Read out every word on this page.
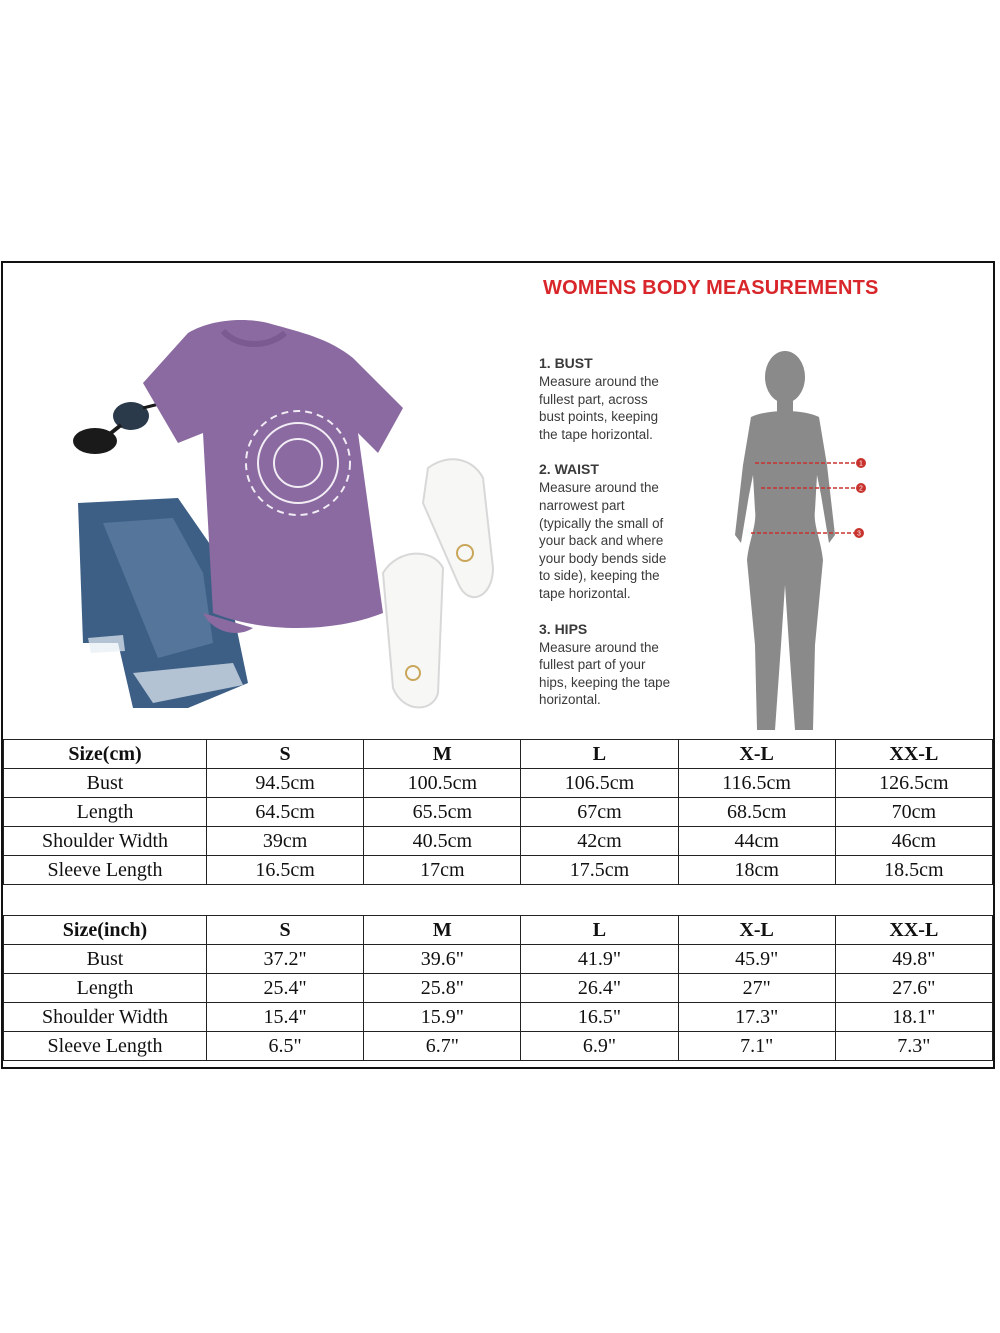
WOMENS BODY MEASUREMENTS
1. BUST
Measure around the
fullest part, across
bust points, keeping
the tape horizontal.
2. WAIST
Measure around the
narrowest part
(typically the small of
your back and where
your body bends side
to side), keeping the
tape horizontal.
3. HIPS
Measure around the
fullest part of your
hips, keeping the tape
horizontal.
1
2
3
Size(cm)	S	M	L	X-L	XX-L
Bust	94.5cm	100.5cm	106.5cm	116.5cm	126.5cm
Length	64.5cm	65.5cm	67cm	68.5cm	70cm
Shoulder Width	39cm	40.5cm	42cm	44cm	46cm
Sleeve Length	16.5cm	17cm	17.5cm	18cm	18.5cm

Size(inch)	S	M	L	X-L	XX-L
Bust	37.2"	39.6"	41.9"	45.9"	49.8"
Length	25.4"	25.8"	26.4"	27"	27.6"
Shoulder Width	15.4"	15.9"	16.5"	17.3"	18.1"
Sleeve Length	6.5"	6.7"	6.9"	7.1"	7.3"
